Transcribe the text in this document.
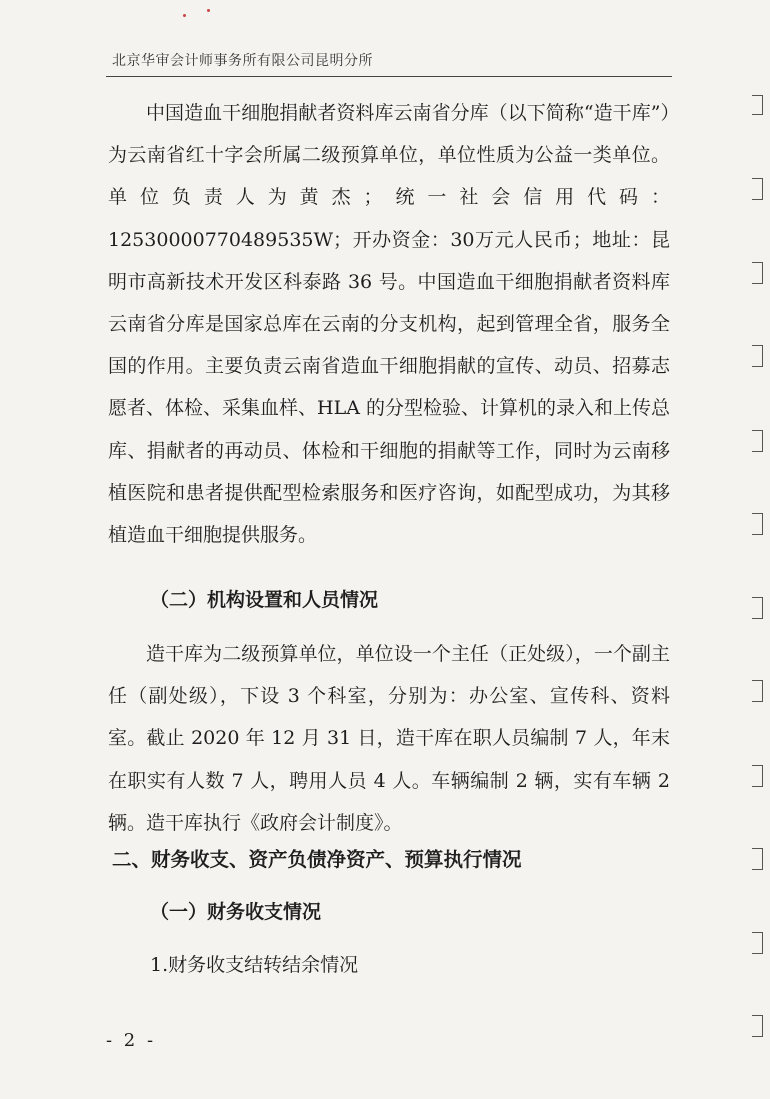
北京华审会计师事务所有限公司昆明分所

中国造血干细胞捐献者资料库云南省分库（以下简称“造干库”）为云南省红十字会所属二级预算单位，单位性质为公益一类单位。单位负责人为黄杰；统一社会信用代码：12530000770489535W；开办资金：30万元人民币；地址：昆明市高新技术开发区科泰路 36 号。中国造血干细胞捐献者资料库云南省分库是国家总库在云南的分支机构，起到管理全省，服务全国的作用。主要负责云南省造血干细胞捐献的宣传、动员、招募志愿者、体检、采集血样、HLA 的分型检验、计算机的录入和上传总库、捐献者的再动员、体检和干细胞的捐献等工作，同时为云南移植医院和患者提供配型检索服务和医疗咨询，如配型成功，为其移植造血干细胞提供服务。

（二）机构设置和人员情况

造干库为二级预算单位，单位设一个主任（正处级），一个副主任（副处级），下设 3 个科室，分别为：办公室、宣传科、资料室。截止 2020 年 12 月 31 日，造干库在职人员编制 7 人，年末在职实有人数 7 人，聘用人员 4 人。车辆编制 2 辆，实有车辆 2 辆。造干库执行《政府会计制度》。

二、财务收支、资产负债净资产、预算执行情况

（一）财务收支情况

1.财务收支结转结余情况

- 2 -
